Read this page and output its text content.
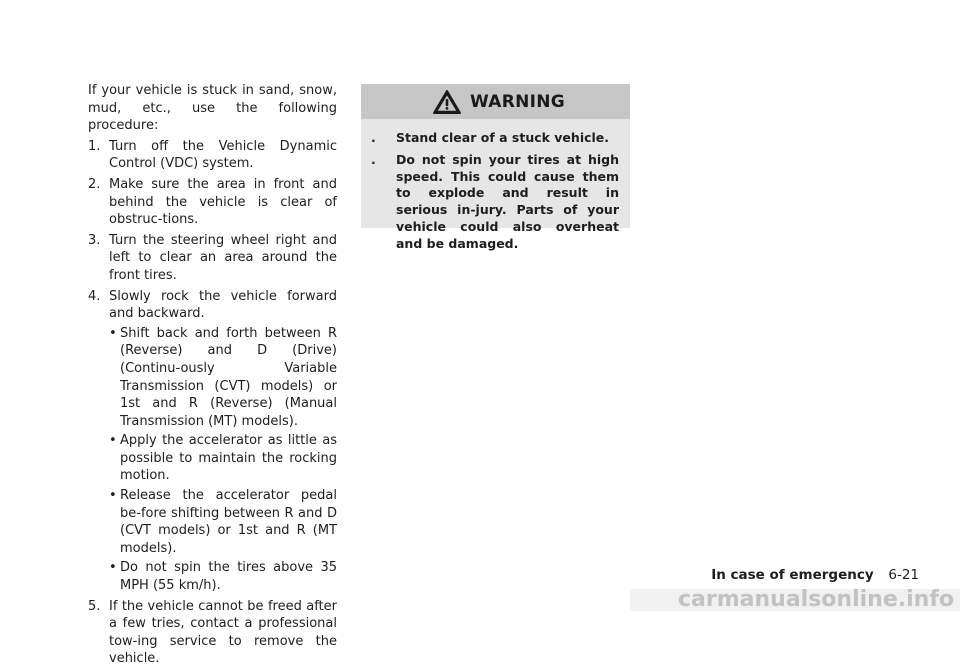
If your vehicle is stuck in sand, snow, mud, etc., use the following procedure:

1. Turn off the Vehicle Dynamic Control (VDC) system.
2. Make sure the area in front and behind the vehicle is clear of obstruc-tions.
3. Turn the steering wheel right and left to clear an area around the front tires.
4. Slowly rock the vehicle forward and backward.
• Shift back and forth between R (Reverse) and D (Drive) (Continu-ously Variable Transmission (CVT) models) or 1st and R (Reverse) (Manual Transmission (MT) models).
• Apply the accelerator as little as possible to maintain the rocking motion.
• Release the accelerator pedal be-fore shifting between R and D (CVT models) or 1st and R (MT models).
• Do not spin the tires above 35 MPH (55 km/h).
5. If the vehicle cannot be freed after a few tries, contact a professional tow-ing service to remove the vehicle.
WARNING
. Stand clear of a stuck vehicle.
. Do not spin your tires at high speed. This could cause them to explode and result in serious in-jury. Parts of your vehicle could also overheat and be damaged.
In case of emergency 6-21
carmanualsonline.info
